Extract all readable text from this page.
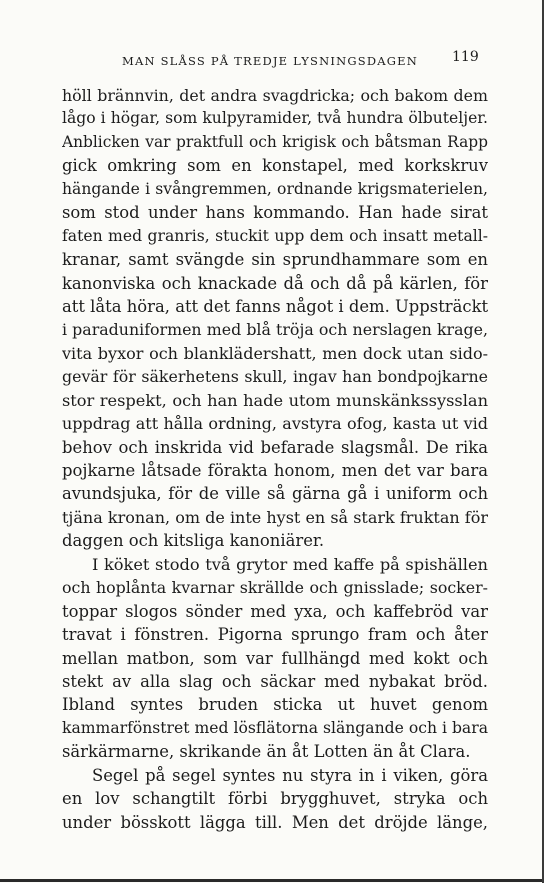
MAN SLÅSS PÅ TREDJE LYSNINGSDAGEN 119
höll brännvin, det andra svagdricka; och bakom dem
lågo i högar, som kulpyramider, två hundra ölbuteljer.
Anblicken var praktfull och krigisk och båtsman Rapp
gick omkring som en konstapel, med korkskruv
hängande i svångremmen, ordnande krigsmaterielen,
som stod under hans kommando. Han hade sirat
faten med granris, stuckit upp dem och insatt metall-
kranar, samt svängde sin sprundhammare som en
kanonviska och knackade då och då på kärlen, för
att låta höra, att det fanns något i dem. Uppsträckt
i paraduniformen med blå tröja och nerslagen krage,
vita byxor och blanklädershatt, men dock utan sido-
gevär för säkerhetens skull, ingav han bondpojkarne
stor respekt, och han hade utom munskänkssysslan
uppdrag att hålla ordning, avstyra ofog, kasta ut vid
behov och inskrida vid befarade slagsmål. De rika
pojkarne låtsade förakta honom, men det var bara
avundsjuka, för de ville så gärna gå i uniform och
tjäna kronan, om de inte hyst en så stark fruktan för
daggen och kitsliga kanoniärer.
I köket stodo två grytor med kaffe på spishällen
och hoplånta kvarnar skrällde och gnisslade; socker-
toppar slogos sönder med yxa, och kaffebröd var
travat i fönstren. Pigorna sprungo fram och åter
mellan matbon, som var fullhängd med kokt och
stekt av alla slag och säckar med nybakat bröd.
Ibland syntes bruden sticka ut huvet genom
kammarfönstret med lösflätorna slängande och i bara
särkärmarne, skrikande än åt Lotten än åt Clara.
Segel på segel syntes nu styra in i viken, göra
en lov schangtilt förbi brygghuvet, stryka och
under bösskott lägga till. Men det dröjde länge,
